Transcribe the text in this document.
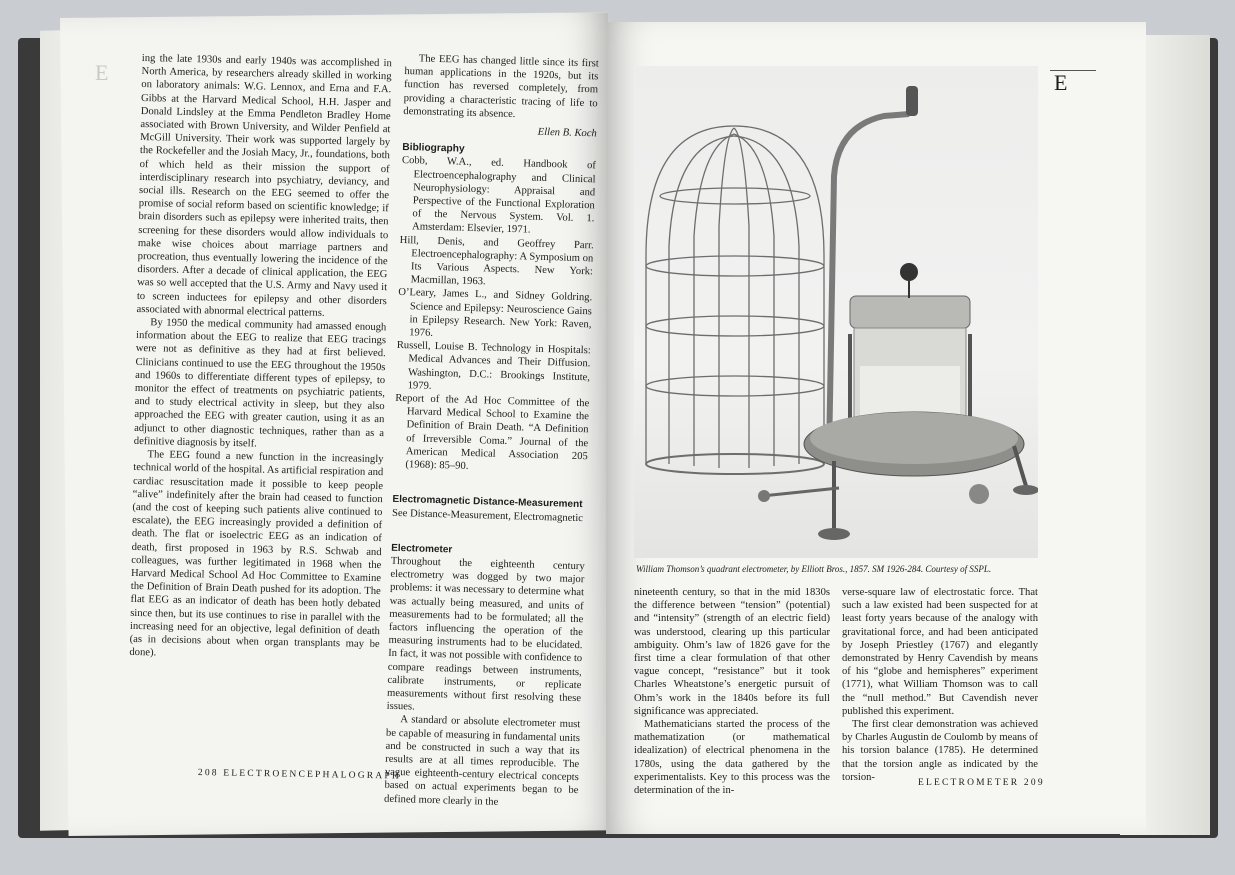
E	ing the late 1930s and early 1940s was accomplished in North America, by researchers already skilled in working on laboratory animals: W.G. Lennox, and Erna and F.A. Gibbs at the Harvard Medical School, H.H. Jasper and Donald Lindsley at the Emma Pendleton Bradley Home associated with Brown University, and Wilder Penfield at McGill University. Their work was supported largely by the Rockefeller and the Josiah Macy, Jr., foundations, both of which held as their mission the support of interdisciplinary research into psychiatry, deviancy, and social ills. Research on the EEG seemed to offer the promise of social reform based on scientific knowledge; if brain disorders such as epilepsy were inherited traits, then screening for these disorders would allow individuals to make wise choices about marriage partners and procreation, thus eventually lowering the incidence of the disorders. After a decade of clinical application, the EEG was so well accepted that the U.S. Army and Navy used it to screen inductees for epilepsy and other disorders associated with abnormal electrical patterns.

By 1950 the medical community had amassed enough information about the EEG to realize that EEG tracings were not as definitive as they had at first believed. Clinicians continued to use the EEG throughout the 1950s and 1960s to differentiate different types of epilepsy, to monitor the effect of treatments on psychiatric patients, and to study electrical activity in sleep, but they also approached the EEG with greater caution, using it as an adjunct to other diagnostic techniques, rather than as a definitive diagnosis by itself.

The EEG found a new function in the increasingly technical world of the hospital. As artificial respiration and cardiac resuscitation made it possible to keep people “alive” indefinitely after the brain had ceased to function (and the cost of keeping such patients alive continued to escalate), the EEG increasingly provided a definition of death. The flat or isoelectric EEG as an indication of death, first proposed in 1963 by R.S. Schwab and colleagues, was further legitimated in 1968 when the Harvard Medical School Ad Hoc Committee to Examine the Definition of Brain Death pushed for its adoption. The flat EEG as an indicator of death has been hotly debated since then, but its use continues to rise in parallel with the increasing need for an objective, legal definition of death (as in decisions about when organ transplants may be done).

The EEG has changed little since its first human applications in the 1920s, but its function has reversed completely, from providing a characteristic tracing of life to demonstrating its absence.

Ellen B. Koch
Bibliography

Cobb, W.A., ed. Handbook of Electroencephalography and Clinical Neurophysiology: Appraisal and Perspective of the Functional Exploration of the Nervous System. Vol. 1. Amsterdam: Elsevier, 1971.

Hill, Denis, and Geoffrey Parr. Electroencephalography: A Symposium on Its Various Aspects. New York: Macmillan, 1963.

O’Leary, James L., and Sidney Goldring. Science and Epilepsy: Neuroscience Gains in Epilepsy Research. New York: Raven, 1976.

Russell, Louise B. Technology in Hospitals: Medical Advances and Their Diffusion. Washington, D.C.: Brookings Institute, 1979.

Report of the Ad Hoc Committee of the Harvard Medical School to Examine the Definition of Brain Death. “A Definition of Irreversible Coma.” Journal of the American Medical Association 205 (1968): 85–90.

Electromagnetic Distance-Measurement

See Distance-Measurement, Electromagnetic

Electrometer

Throughout the eighteenth century electrometry was dogged by two major problems: it was necessary to determine what was actually being measured, and units of measurements had to be formulated; all the factors influencing the operation of the measuring instruments had to be elucidated. In fact, it was not possible with confidence to compare readings between instruments, calibrate instruments, or replicate measurements without first resolving these issues.

A standard or absolute electrometer must be capable of measuring in fundamental units and be constructed in such a way that its results are at all times reproducible. The vague eighteenth-century electrical concepts based on actual experiments began to be defined more clearly in the

208 ELECTROENCEPHALOGRAPH
E
William Thomson’s quadrant electrometer, by Elliott Bros., 1857. SM 1926-284. Courtesy of SSPL.

nineteenth century, so that in the mid 1830s the difference between “tension” (potential) and “intensity” (strength of an electric field) was understood, clearing up this particular ambiguity. Ohm’s law of 1826 gave for the first time a clear formulation of that other vague concept, “resistance” but it took Charles Wheatstone’s energetic pursuit of Ohm’s work in the 1840s before its full significance was appreciated.

Mathematicians started the process of the mathematization (or mathematical idealization) of electrical phenomena in the 1780s, using the data gathered by the experimentalists. Key to this process was the determination of the in-

verse-square law of electrostatic force. That such a law existed had been suspected for at least forty years because of the analogy with gravitational force, and had been anticipated by Joseph Priestley (1767) and elegantly demonstrated by Henry Cavendish by means of his “globe and hemispheres” experiment (1771), what William Thomson was to call the “null method.” But Cavendish never published this experiment.

The first clear demonstration was achieved by Charles Augustin de Coulomb by means of his torsion balance (1785). He determined that the torsion angle as indicated by the torsion-

ELECTROMETER 209
